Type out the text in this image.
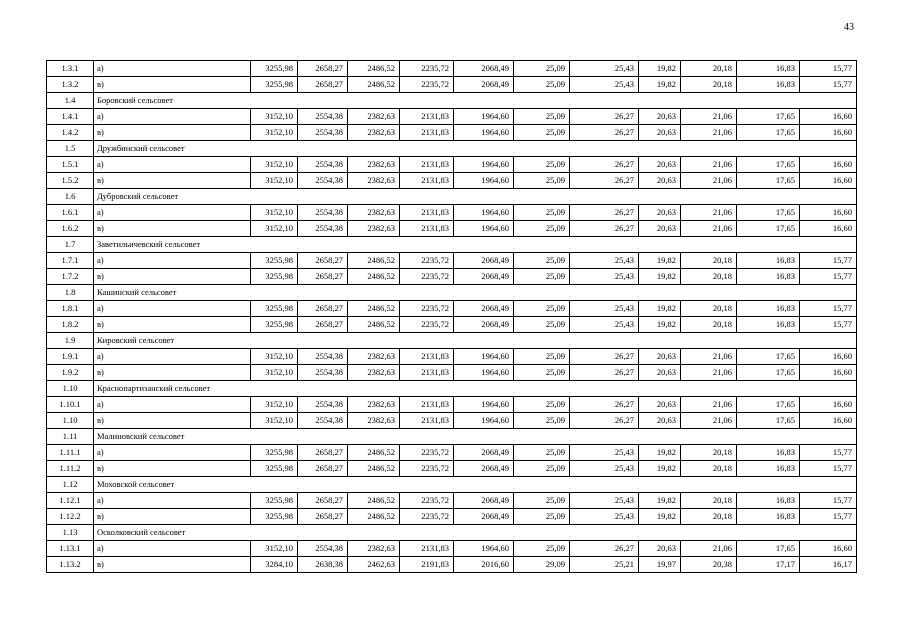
43
1.3.1	а)	3255,98	2658,27	2486,52	2235,72	2068,49	25,09	25,43	19,82	20,18	16,83	15,77
1.3.2	в)	3255,98	2658,27	2486,52	2235,72	2068,49	25,09	25,43	19,82	20,18	16,83	15,77
1.4	Боровский сельсовет											
1.4.1	а)	3152,10	2554,38	2382,63	2131,83	1964,60	25,09	26,27	20,63	21,06	17,65	16,60
1.4.2	в)	3152,10	2554,38	2382,63	2131,83	1964,60	25,09	26,27	20,63	21,06	17,65	16,60
1.5	Дружбинский сельсовет											
1.5.1	а)	3152,10	2554,38	2382,63	2131,83	1964,60	25,09	26,27	20,63	21,06	17,65	16,60
1.5.2	в)	3152,10	2554,38	2382,63	2131,83	1964,60	25,09	26,27	20,63	21,06	17,65	16,60
1.6	Дубровский сельсовет											
1.6.1	а)	3152,10	2554,38	2382,63	2131,83	1964,60	25,09	26,27	20,63	21,06	17,65	16,60
1.6.2	в)	3152,10	2554,38	2382,63	2131,83	1964,60	25,09	26,27	20,63	21,06	17,65	16,60
1.7	Заветильичевский сельсовет											
1.7.1	а)	3255,98	2658,27	2486,52	2235,72	2068,49	25,09	25,43	19,82	20,18	16,83	15,77
1.7.2	в)	3255,98	2658,27	2486,52	2235,72	2068,49	25,09	25,43	19,82	20,18	16,83	15,77
1.8	Кашинский сельсовет											
1.8.1	а)	3255,98	2658,27	2486,52	2235,72	2068,49	25,09	25,43	19,82	20,18	16,83	15,77
1.8.2	в)	3255,98	2658,27	2486,52	2235,72	2068,49	25,09	25,43	19,82	20,18	16,83	15,77
1.9	Кировский сельсовет											
1.9.1	а)	3152,10	2554,38	2382,63	2131,83	1964,60	25,09	26,27	20,63	21,06	17,65	16,60
1.9.2	в)	3152,10	2554,38	2382,63	2131,83	1964,60	25,09	26,27	20,63	21,06	17,65	16,60
1.10	Краснопартизанский сельсовет											
1.10.1	а)	3152,10	2554,38	2382,63	2131,83	1964,60	25,09	26,27	20,63	21,06	17,65	16,60
1.10	в)	3152,10	2554,38	2382,63	2131,83	1964,60	25,09	26,27	20,63	21,06	17,65	16,60
1.11	Малиновский сельсовет											
1.11.1	а)	3255,98	2658,27	2486,52	2235,72	2068,49	25,09	25,43	19,82	20,18	16,83	15,77
1.11.2	в)	3255,98	2658,27	2486,52	2235,72	2068,49	25,09	25,43	19,82	20,18	16,83	15,77
1.12	Моховской сельсовет											
1.12.1	а)	3255,98	2658,27	2486,52	2235,72	2068,49	25,09	25,43	19,82	20,18	16,83	15,77
1.12.2	в)	3255,98	2658,27	2486,52	2235,72	2068,49	25,09	25,43	19,82	20,18	16,83	15,77
1.13	Осколковский сельсовет											
1.13.1	а)	3152,10	2554,38	2382,63	2131,83	1964,60	25,09	26,27	20,63	21,06	17,65	16,60
1.13.2	в)	3284,10	2638,38	2462,63	2191,83	2016,60	29,09	25,21	19,97	20,38	17,17	16,17
